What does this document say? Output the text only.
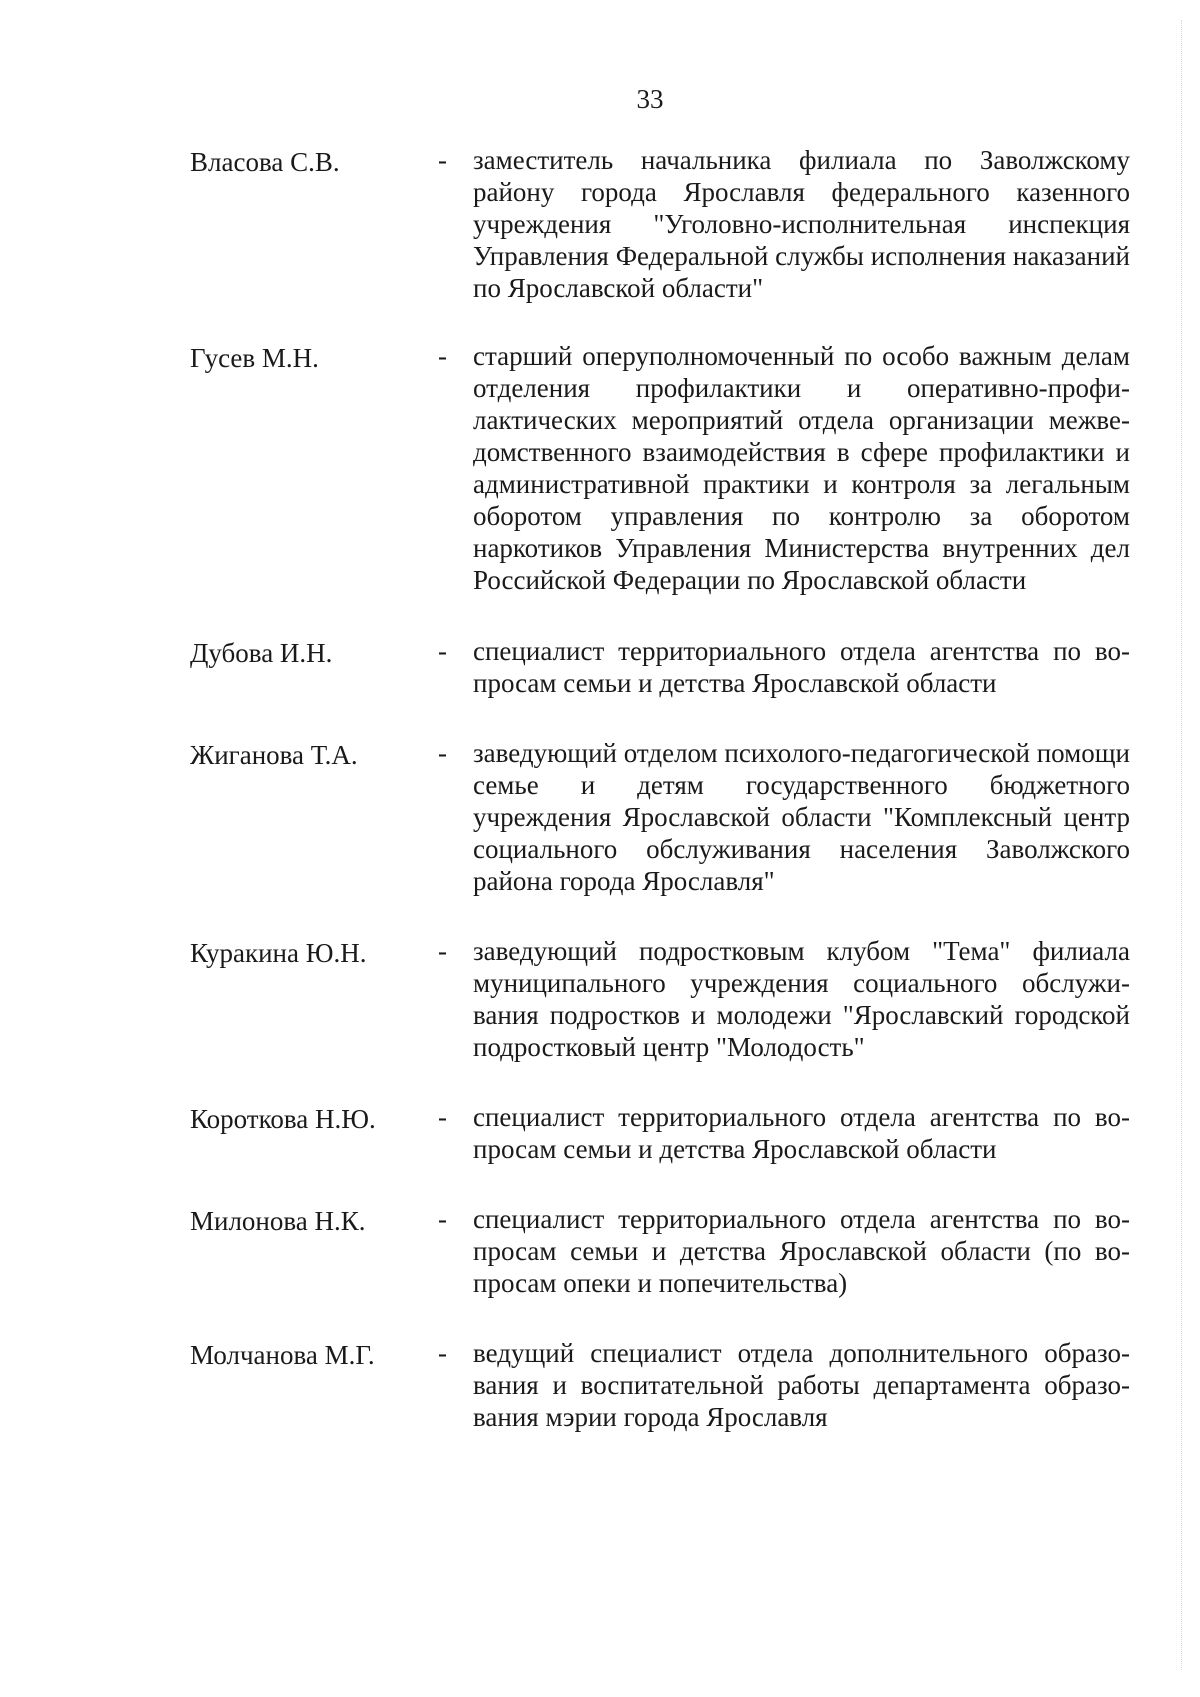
33
Власова С.В.	- заместитель начальника филиала по Заволжскому району города Ярославля федерального казенного учреждения "Уголовно-исполнительная инспекция Управления Федеральной службы исполнения наказаний по Ярославской области"
Гусев М.Н.	- старший оперуполномоченный по особо важным делам отделения профилактики и оперативно-профилактических мероприятий отдела организации межведомственного взаимодействия в сфере профилактики и административной практики и контроля за легальным оборотом управления по контролю за оборотом наркотиков Управления Министерства внутренних дел Российской Федерации по Ярославской области
Дубова И.Н.	- специалист территориального отдела агентства по вопросам семьи и детства Ярославской области
Жиганова Т.А.	- заведующий отделом психолого-педагогической помощи семье и детям государственного бюджетного учреждения Ярославской области "Комплексный центр социального обслуживания населения Заволжского района города Ярославля"
Куракина Ю.Н.	- заведующий подростковым клубом "Тема" филиала муниципального учреждения социального обслуживания подростков и молодежи "Ярославский городской подростковый центр "Молодость"
Короткова Н.Ю.	- специалист территориального отдела агентства по вопросам семьи и детства Ярославской области
Милонова Н.К.	- специалист территориального отдела агентства по вопросам семьи и детства Ярославской области (по вопросам опеки и попечительства)
Молчанова М.Г.	- ведущий специалист отдела дополнительного образования и воспитательной работы департамента образования мэрии города Ярославля
